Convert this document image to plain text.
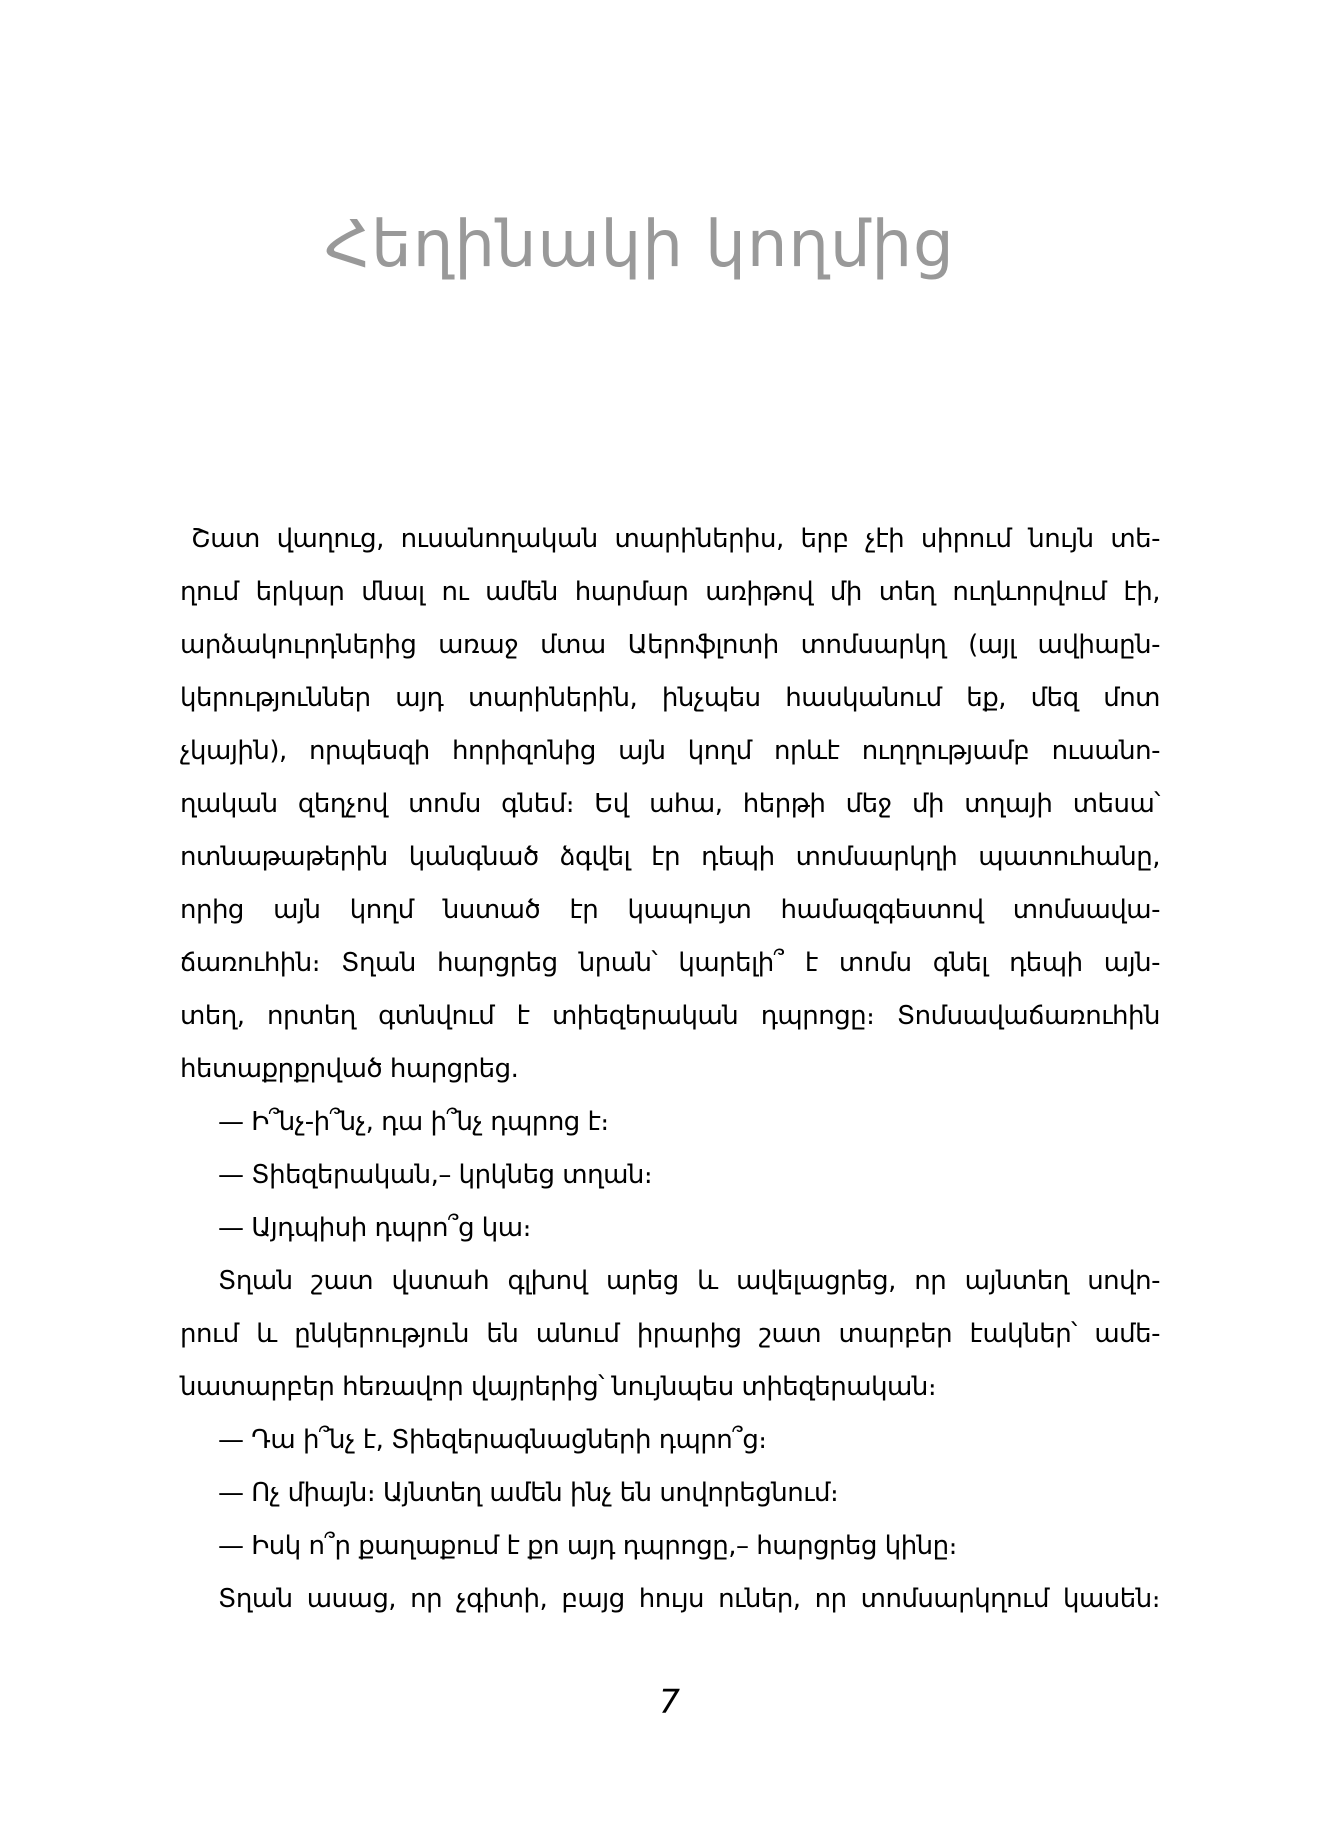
Հեղինակի կողմից
Շատ վաղուց, ուսանողական տարիներիս, երբ չէի սիրում նույն տե-
ղում երկար մնալ ու ամեն հարմար առիթով մի տեղ ուղևորվում էի,
արձակուրդներից առաջ մտա Աերոֆլոտի տոմսարկղ (այլ ավիաըն-
կերություններ այդ տարիներին, ինչպես հասկանում եք, մեզ մոտ
չկային), որպեսզի հորիզոնից այն կողմ որևէ ուղղությամբ ուսանո-
ղական զեղչով տոմս գնեմ։ Եվ ահա, հերթի մեջ մի տղայի տեսա՝
ոտնաթաթերին կանգնած ձգվել էր դեպի տոմսարկղի պատուհանը,
որից այն կողմ նստած էր կապույտ համազգեստով տոմսավա-
ճառուհին։ Տղան հարցրեց նրան՝ կարելի՞ է տոմս գնել դեպի այն-
տեղ, որտեղ գտնվում է տիեզերական դպրոցը։ Տոմսավաճառուհին
հետաքրքրված հարցրեց.
— Ի՞նչ-ի՞նչ, դա ի՞նչ դպրոց է։
— Տիեզերական,– կրկնեց տղան։
— Այդպիսի դպրո՞ց կա։
Տղան շատ վստահ գլխով արեց և ավելացրեց, որ այնտեղ սովո-
րում և ընկերություն են անում իրարից շատ տարբեր էակներ՝ ամե-
նատարբեր հեռավոր վայրերից՝ նույնպես տիեզերական։
— Դա ի՞նչ է, Տիեզերագնացների դպրո՞ց։
— Ոչ միայն։ Այնտեղ ամեն ինչ են սովորեցնում։
— Իսկ ո՞ր քաղաքում է քո այդ դպրոցը,– հարցրեց կինը։
Տղան ասաց, որ չգիտի, բայց հույս ուներ, որ տոմսարկղում կասեն։
7
